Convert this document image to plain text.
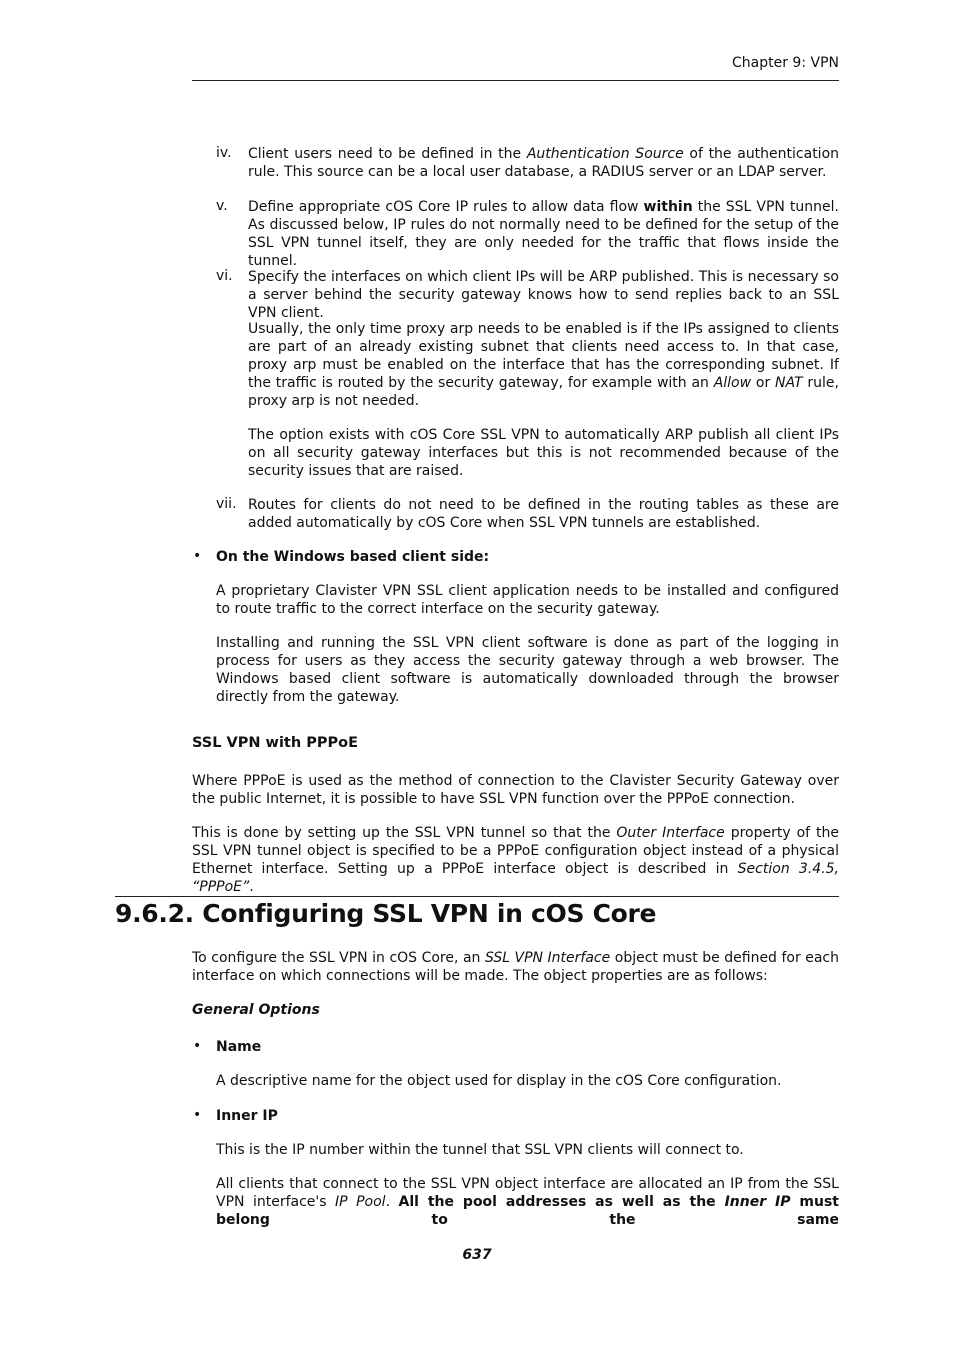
Chapter 9: VPN
iv. Client users need to be defined in the Authentication Source of the authentication rule. This source can be a local user database, a RADIUS server or an LDAP server.
v. Define appropriate cOS Core IP rules to allow data flow within the SSL VPN tunnel. As discussed below, IP rules do not normally need to be defined for the setup of the SSL VPN tunnel itself, they are only needed for the traffic that flows inside the tunnel.
vi. Specify the interfaces on which client IPs will be ARP published. This is necessary so a server behind the security gateway knows how to send replies back to an SSL VPN client.
Usually, the only time proxy arp needs to be enabled is if the IPs assigned to clients are part of an already existing subnet that clients need access to. In that case, proxy arp must be enabled on the interface that has the corresponding subnet. If the traffic is routed by the security gateway, for example with an Allow or NAT rule, proxy arp is not needed.
The option exists with cOS Core SSL VPN to automatically ARP publish all client IPs on all security gateway interfaces but this is not recommended because of the security issues that are raised.
vii. Routes for clients do not need to be defined in the routing tables as these are added automatically by cOS Core when SSL VPN tunnels are established.
• On the Windows based client side:
A proprietary Clavister VPN SSL client application needs to be installed and configured to route traffic to the correct interface on the security gateway.
Installing and running the SSL VPN client software is done as part of the logging in process for users as they access the security gateway through a web browser. The Windows based client software is automatically downloaded through the browser directly from the gateway.
SSL VPN with PPPoE
Where PPPoE is used as the method of connection to the Clavister Security Gateway over the public Internet, it is possible to have SSL VPN function over the PPPoE connection.
This is done by setting up the SSL VPN tunnel so that the Outer Interface property of the SSL VPN tunnel object is specified to be a PPPoE configuration object instead of a physical Ethernet interface. Setting up a PPPoE interface object is described in Section 3.4.5, “PPPoE”.
9.6.2. Configuring SSL VPN in cOS Core
To configure the SSL VPN in cOS Core, an SSL VPN Interface object must be defined for each interface on which connections will be made. The object properties are as follows:
General Options
• Name
A descriptive name for the object used for display in the cOS Core configuration.
• Inner IP
This is the IP number within the tunnel that SSL VPN clients will connect to.
All clients that connect to the SSL VPN object interface are allocated an IP from the SSL VPN interface's IP Pool. All the pool addresses as well as the Inner IP must belong to the same
637
